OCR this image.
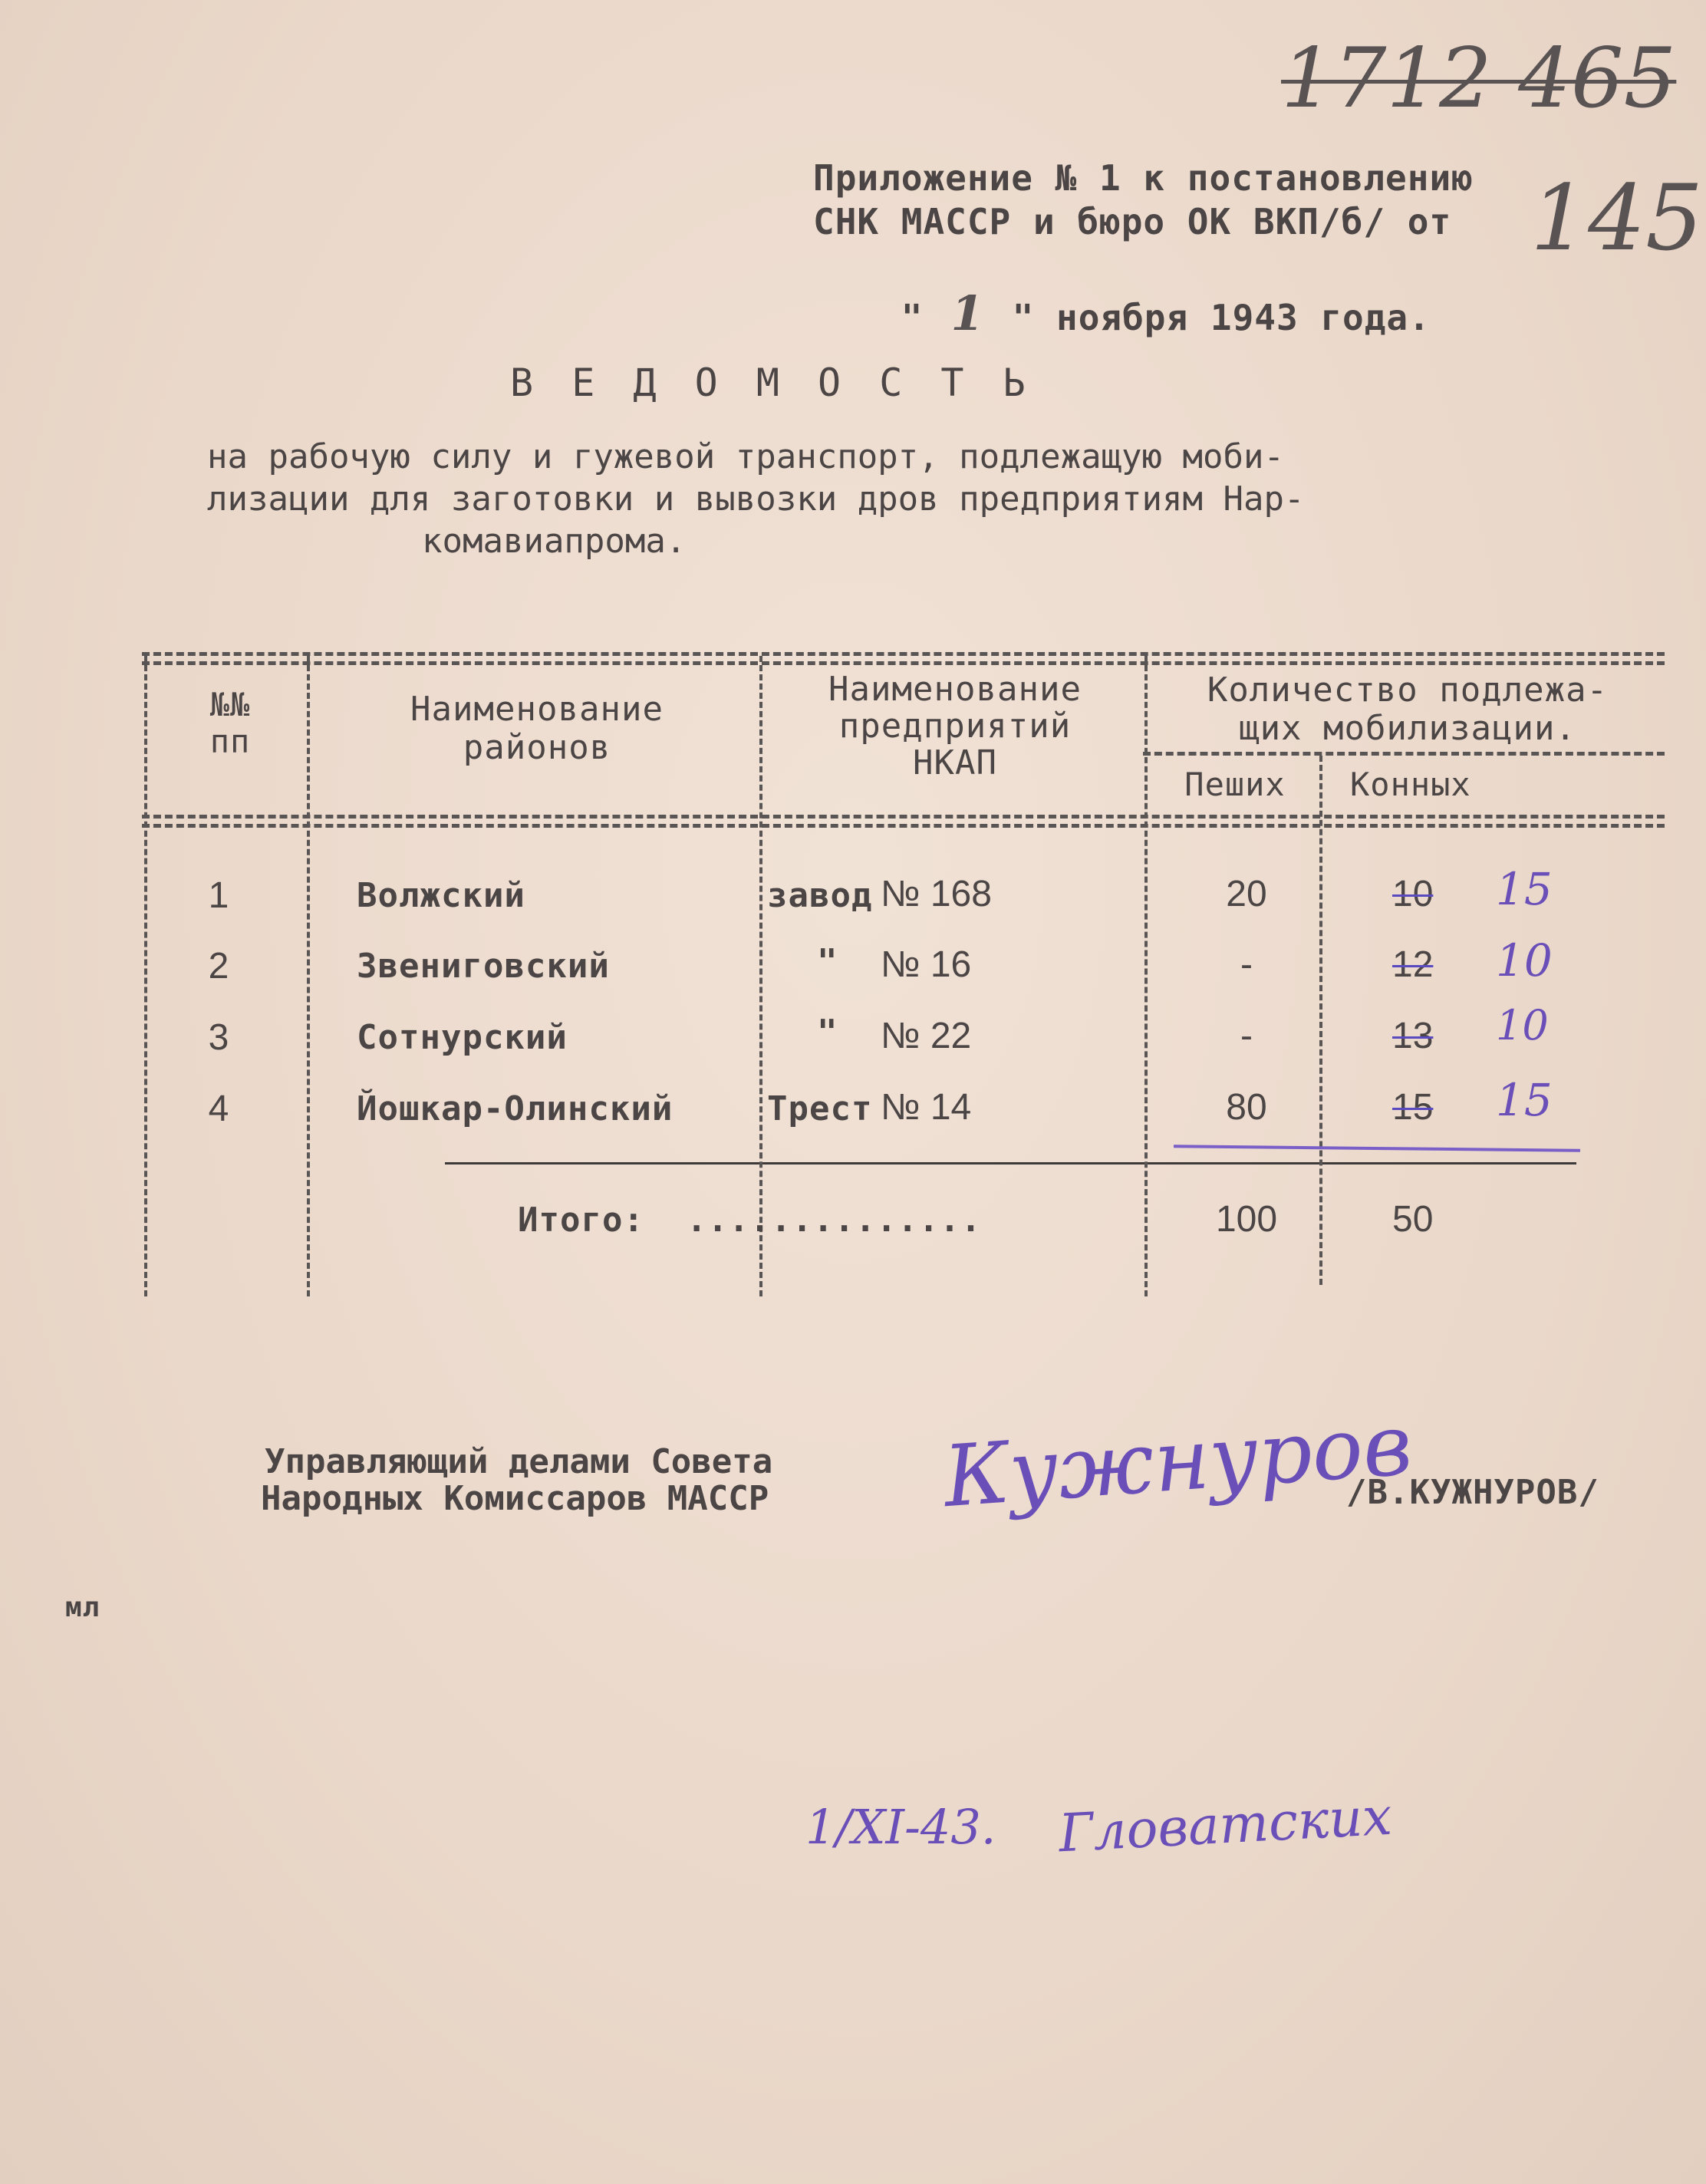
1712 465
145
Приложение № 1 к постановлению
СНК МАССР и бюро ОК ВКП/б/ от

" 1 " ноября 1943 года.

В Е Д О М О С Т Ь
на рабочую силу и гужевой транспорт, подлежащую моби-
лизации для заготовки и вывозки дров предприятиям Нар-
комавиапрома.
№№
пп
Наименование
районов
Наименование
предприятий
НКАП
Количество подлежа-
щих мобилизации.
Пеших	Конных
1	Волжский	завод № 168	20	10 15
2	Звениговский	" № 16	-	12 10
3	Сотнурский	" № 22	-	13 10
4	Йошкар-Олинский	Трест № 14	80	15 15
Итого:  ..............	100	50
Управляющий делами Совета
Народных Комиссаров МАССР Кужнуров
/В.КУЖНУРОВ/
мл
1/XI-43. Гловатских
